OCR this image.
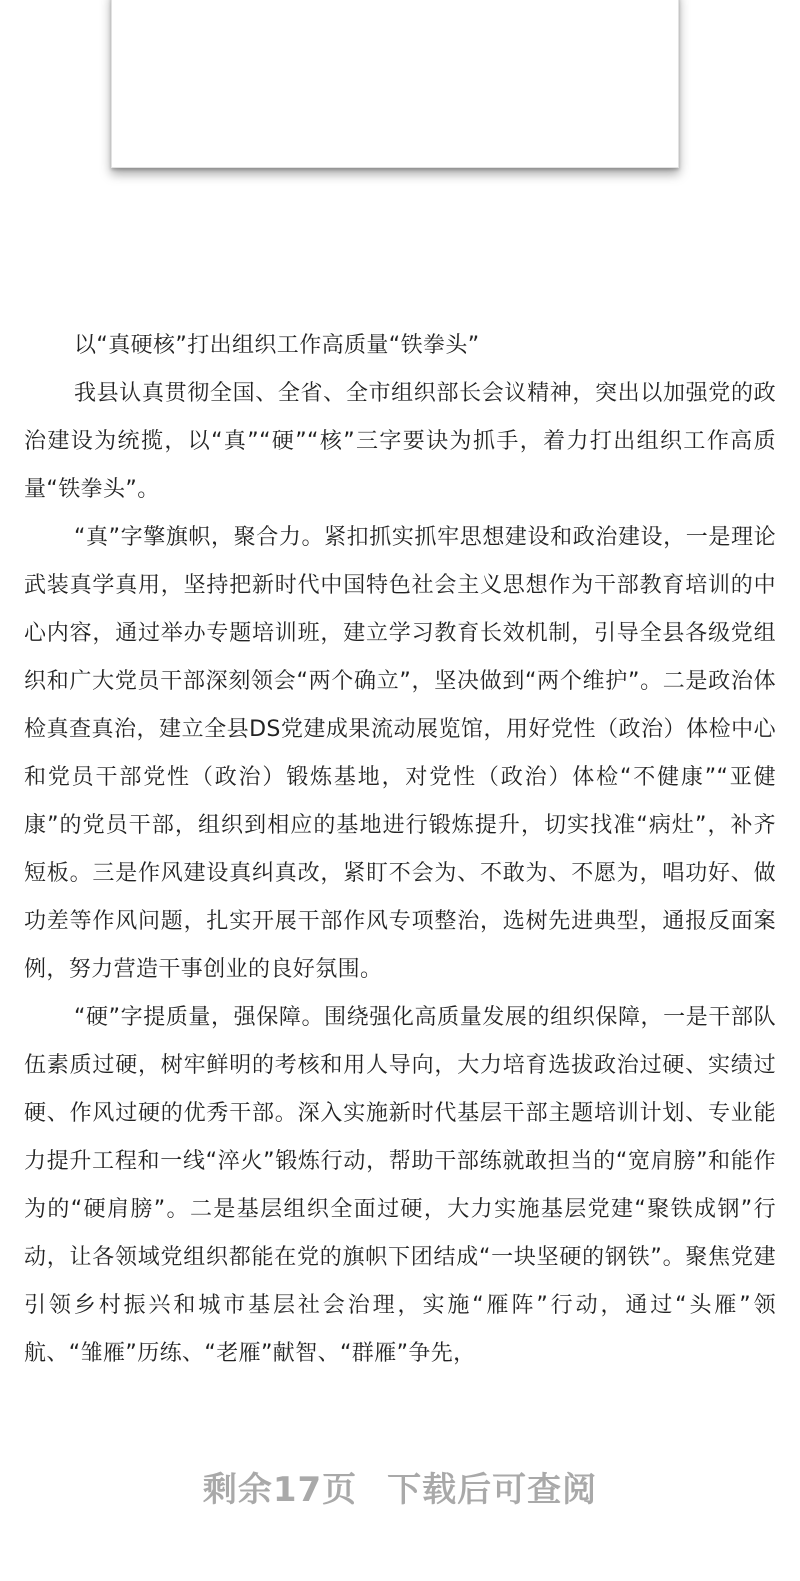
以“真硬核”打出组织工作高质量“铁拳头”

我县认真贯彻全国、全省、全市组织部长会议精神，突出以加强党的政治建设为统揽，以“真”“硬”“核”三字要诀为抓手，着力打出组织工作高质量“铁拳头”。

“真”字擎旗帜，聚合力。紧扣抓实抓牢思想建设和政治建设，一是理论武装真学真用，坚持把新时代中国特色社会主义思想作为干部教育培训的中心内容，通过举办专题培训班，建立学习教育长效机制，引导全县各级党组织和广大党员干部深刻领会“两个确立”，坚决做到“两个维护”。二是政治体检真查真治，建立全县DS党建成果流动展览馆，用好党性（政治）体检中心和党员干部党性（政治）锻炼基地，对党性（政治）体检“不健康”“亚健康”的党员干部，组织到相应的基地进行锻炼提升，切实找准“病灶”，补齐短板。三是作风建设真纠真改，紧盯不会为、不敢为、不愿为，唱功好、做功差等作风问题，扎实开展干部作风专项整治，选树先进典型，通报反面案例，努力营造干事创业的良好氛围。

“硬”字提质量，强保障。围绕强化高质量发展的组织保障，一是干部队伍素质过硬，树牢鲜明的考核和用人导向，大力培育选拔政治过硬、实绩过硬、作风过硬的优秀干部。深入实施新时代基层干部主题培训计划、专业能力提升工程和一线“淬火”锻炼行动，帮助干部练就敢担当的“宽肩膀”和能作为的“硬肩膀”。二是基层组织全面过硬，大力实施基层党建“聚铁成钢”行动，让各领域党组织都能在党的旗帜下团结成“一块坚硬的钢铁”。聚焦党建引领乡村振兴和城市基层社会治理，实施“雁阵”行动，通过“头雁”领航、“雏雁”历练、“老雁”献智、“群雁”争先，

剩余17页 下载后可查阅
